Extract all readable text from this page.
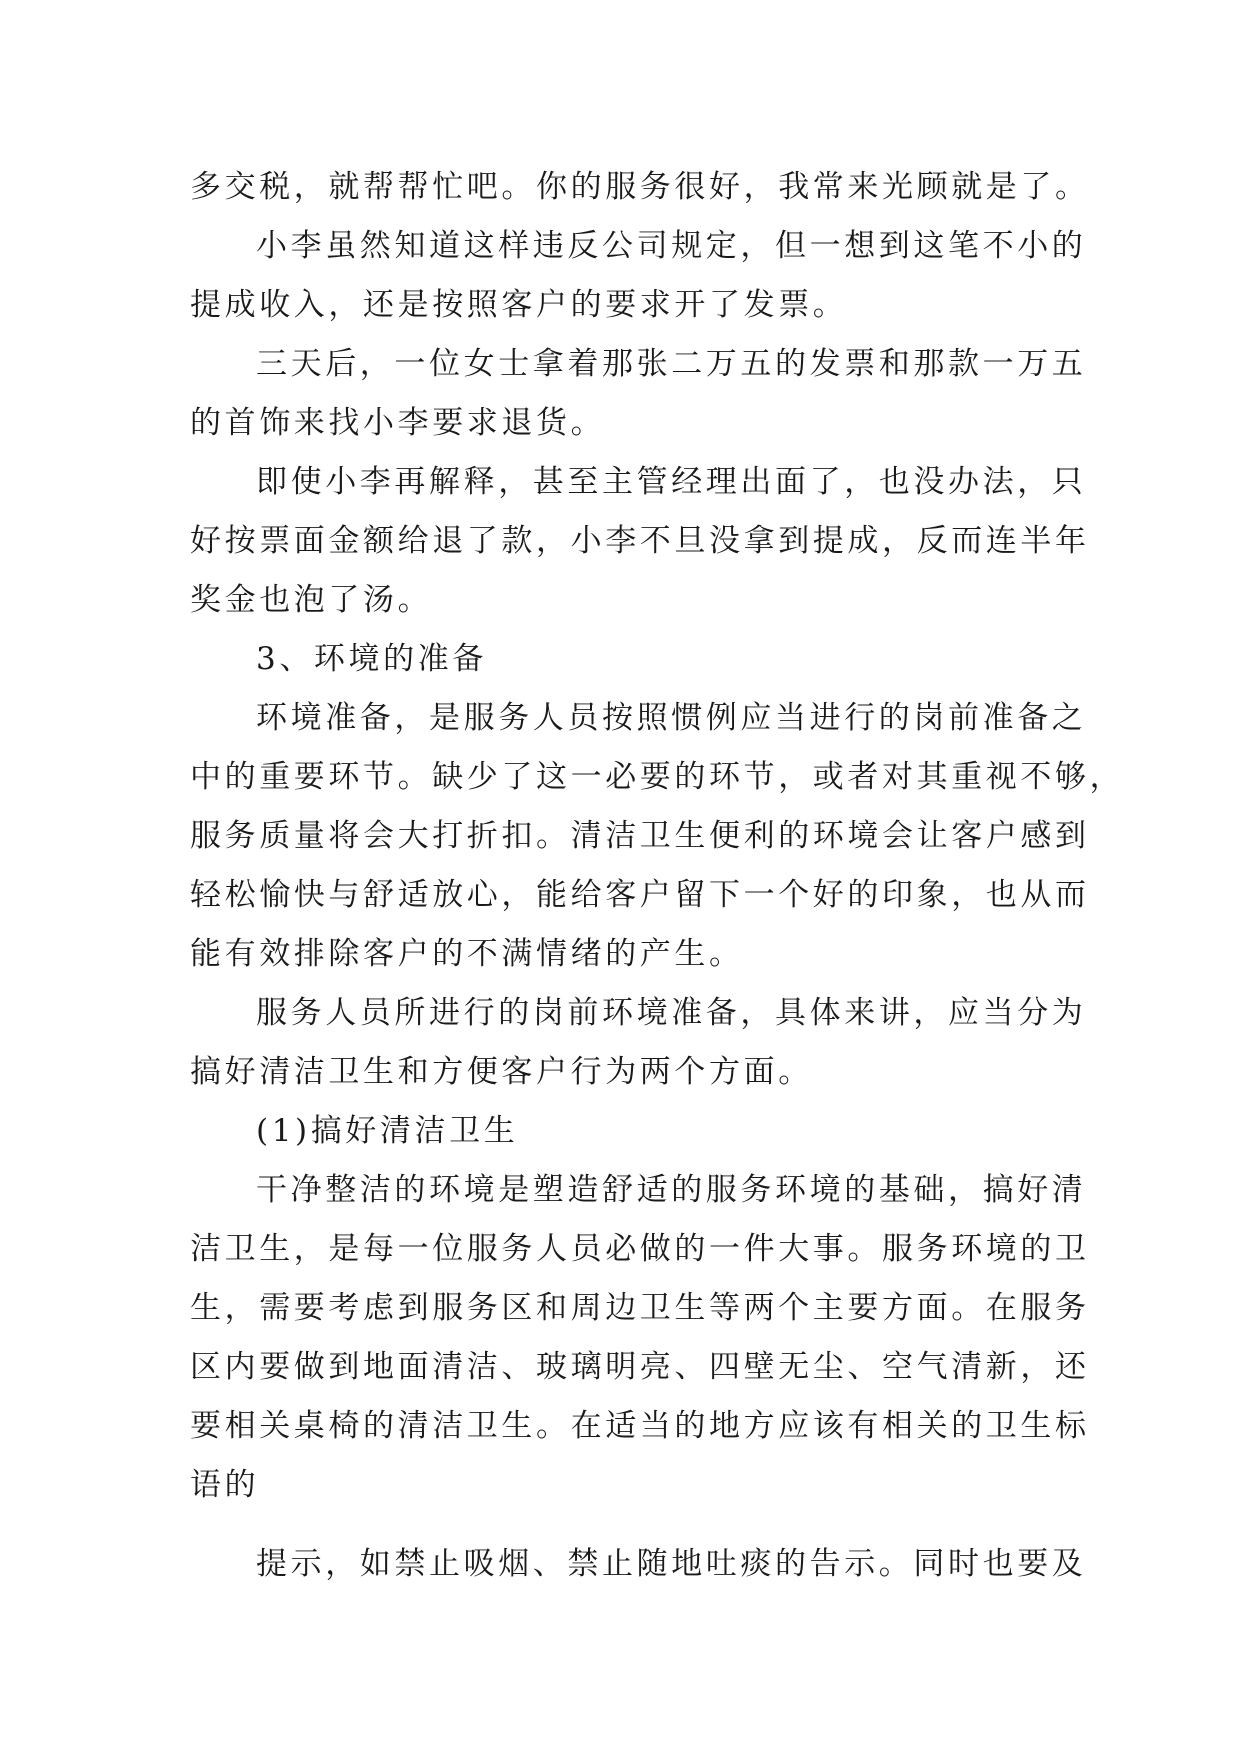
多交税，就帮帮忙吧。你的服务很好，我常来光顾就是了。
小李虽然知道这样违反公司规定，但一想到这笔不小的
提成收入，还是按照客户的要求开了发票。
三天后，一位女士拿着那张二万五的发票和那款一万五
的首饰来找小李要求退货。
即使小李再解释，甚至主管经理出面了，也没办法，只
好按票面金额给退了款，小李不旦没拿到提成，反而连半年
奖金也泡了汤。
3、环境的准备
环境准备，是服务人员按照惯例应当进行的岗前准备之
中的重要环节。缺少了这一必要的环节，或者对其重视不够，
服务质量将会大打折扣。清洁卫生便利的环境会让客户感到
轻松愉快与舒适放心，能给客户留下一个好的印象，也从而
能有效排除客户的不满情绪的产生。
服务人员所进行的岗前环境准备，具体来讲，应当分为
搞好清洁卫生和方便客户行为两个方面。
(1)搞好清洁卫生
干净整洁的环境是塑造舒适的服务环境的基础，搞好清
洁卫生，是每一位服务人员必做的一件大事。服务环境的卫
生，需要考虑到服务区和周边卫生等两个主要方面。在服务
区内要做到地面清洁、玻璃明亮、四壁无尘、空气清新，还
要相关桌椅的清洁卫生。在适当的地方应该有相关的卫生标
语的
提示，如禁止吸烟、禁止随地吐痰的告示。同时也要及
